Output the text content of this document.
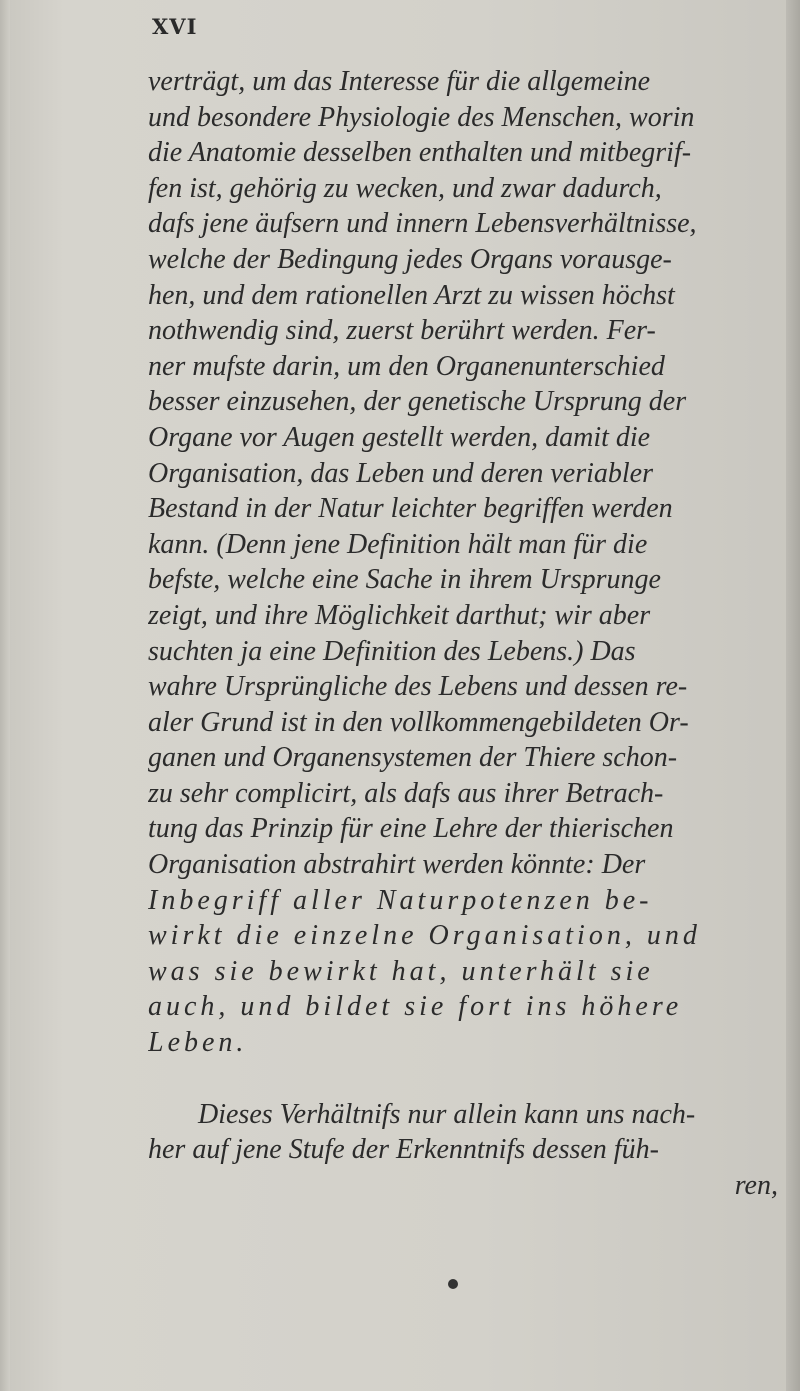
XVI
verträgt, um das Interesse für die allgemeine
und besondere Physiologie des Menschen, worin
die Anatomie desselben enthalten und mitbegrif-
fen ist, gehörig zu wecken, und zwar dadurch,
dafs jene äufsern und innern Lebensverhältnisse,
welche der Bedingung jedes Organs vorausge-
hen, und dem rationellen Arzt zu wissen höchst
nothwendig sind, zuerst berührt werden. Fer-
ner mufste darin, um den Organenunterschied
besser einzusehen, der genetische Ursprung der
Organe vor Augen gestellt werden, damit die
Organisation, das Leben und deren veriabler
Bestand in der Natur leichter begriffen werden
kann. (Denn jene Definition hält man für die
befste, welche eine Sache in ihrem Ursprunge
zeigt, und ihre Möglichkeit darthut; wir aber
suchten ja eine Definition des Lebens.) Das
wahre Ursprüngliche des Lebens und dessen re-
aler Grund ist in den vollkommengebildeten Or-
ganen und Organensystemen der Thiere schon-
zu sehr complicirt, als dafs aus ihrer Betrach-
tung das Prinzip für eine Lehre der thierischen
Organisation abstrahirt werden könnte: Der
Inbegriff aller Naturpotenzen be-
wirkt die einzelne Organisation, und
was sie bewirkt hat, unterhält sie
auch, und bildet sie fort ins höhere
Leben.
Dieses Verhältnifs nur allein kann uns nach-
her auf jene Stufe der Erkenntnifs dessen füh-
ren,
